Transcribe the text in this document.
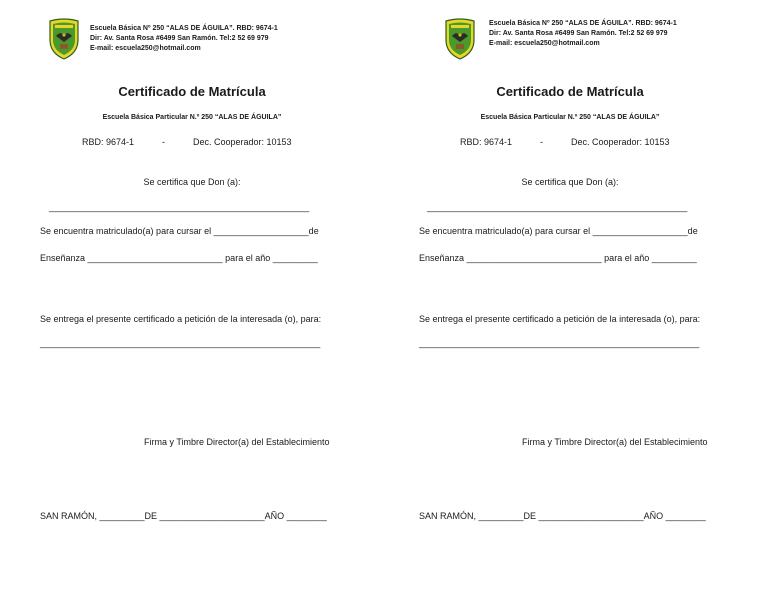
Escuela Básica Nº 250 “ALAS DE ÁGUILA”. RBD: 9674-1
Dir: Av. Santa Rosa #6499 San Ramón. Tel:2 52 69 979
E-mail: escuela250@hotmail.com
Certificado de Matrícula
Escuela Básica Particular N.º 250 “ALAS DE ÁGUILA”
RBD: 9674-1	-	Dec. Cooperador: 10153
Se certifica que Don (a):
____________________________________________________
Se encuentra matriculado(a) para cursar el ___________________de
Enseñanza ___________________________ para el año _________
Se entrega el presente certificado a petición de la interesada (o), para:
________________________________________________________
Firma y Timbre Director(a) del Establecimiento
SAN RAMÓN, _________DE _____________________AÑO ________
Escuela Básica Nº 250 “ALAS DE ÁGUILA”. RBD: 9674-1
Dir: Av. Santa Rosa #6499 San Ramón. Tel:2 52 69 979
E-mail: escuela250@hotmail.com
Certificado de Matrícula
Escuela Básica Particular N.º 250 “ALAS DE ÁGUILA”
RBD: 9674-1	-	Dec. Cooperador: 10153
Se certifica que Don (a):
____________________________________________________
Se encuentra matriculado(a) para cursar el ___________________de
Enseñanza ___________________________ para el año _________
Se entrega el presente certificado a petición de la interesada (o), para:
________________________________________________________
Firma y Timbre Director(a) del Establecimiento
SAN RAMÓN, _________DE _____________________AÑO ________
